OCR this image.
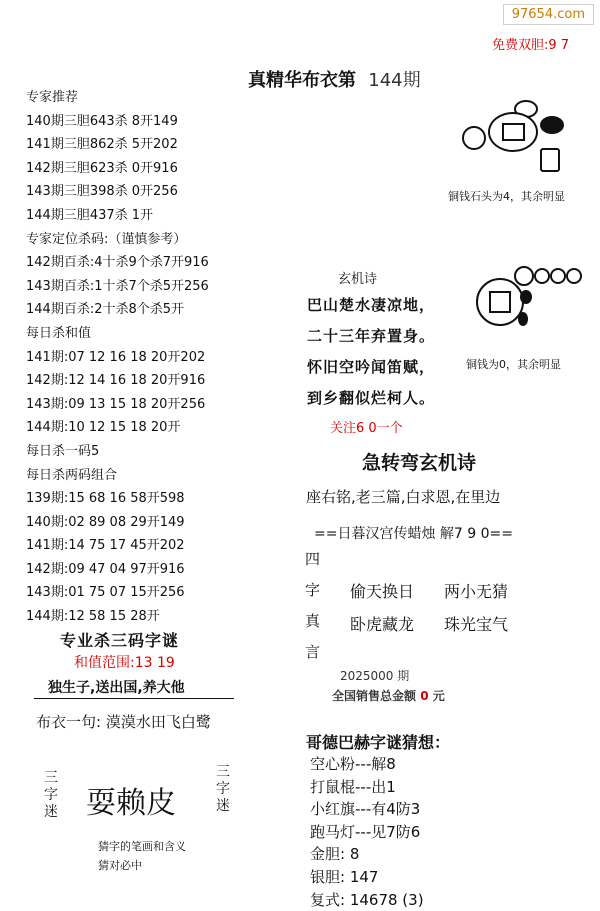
97654.com
免费双胆:9 7
真精华布衣第 144期
专家推荐
140期三胆643杀 8开149
141期三胆862杀 5开202
142期三胆623杀 0开916
143期三胆398杀 0开256
144期三胆437杀 1开
专家定位杀码:（谨慎参考）
142期百杀:4十杀9个杀7开916
143期百杀:1十杀7个杀5开256
144期百杀:2十杀8个杀5开
每日杀和值
141期:07 12 16 18 20开202
142期:12 14 16 18 20开916
143期:09 13 15 18 20开256
144期:10 12 15 18 20开
每日杀一码5
每日杀两码组合
139期:15 68 16 58开598
140期:02 89 08 29开149
141期:14 75 17 45开202
142期:09 47 04 97开916
143期:01 75 07 15开256
144期:12 58 15 28开
专业杀三码字谜
和值范围:13 19
独生子,送出国,养大他
布衣一句: 漠漠水田飞白鹭
三字迷 耍赖皮
三字迷
猜字的笔画和含义
猜对必中
铜钱石头为4，其余明显
玄机诗
巴山楚水凄凉地，
二十三年弃置身。
怀旧空吟闻笛赋，
到乡翻似烂柯人。
铜钱为0，其余明显
关注6 0一个
急转弯玄机诗
座右铭,老三篇,白求恩,在里边
==日暮汉宫传蜡烛 解7 9 0==
四
字
真
言
偷天换日 两小无猜
卧虎藏龙 珠光宝气
2025000 期
全国销售总金额 0 元
哥德巴赫字谜猜想：
空心粉---解8
打鼠棍---出1
小红旗---有4防3
跑马灯---见7防6
金胆: 8
银胆: 147
复式: 14678 (3)
